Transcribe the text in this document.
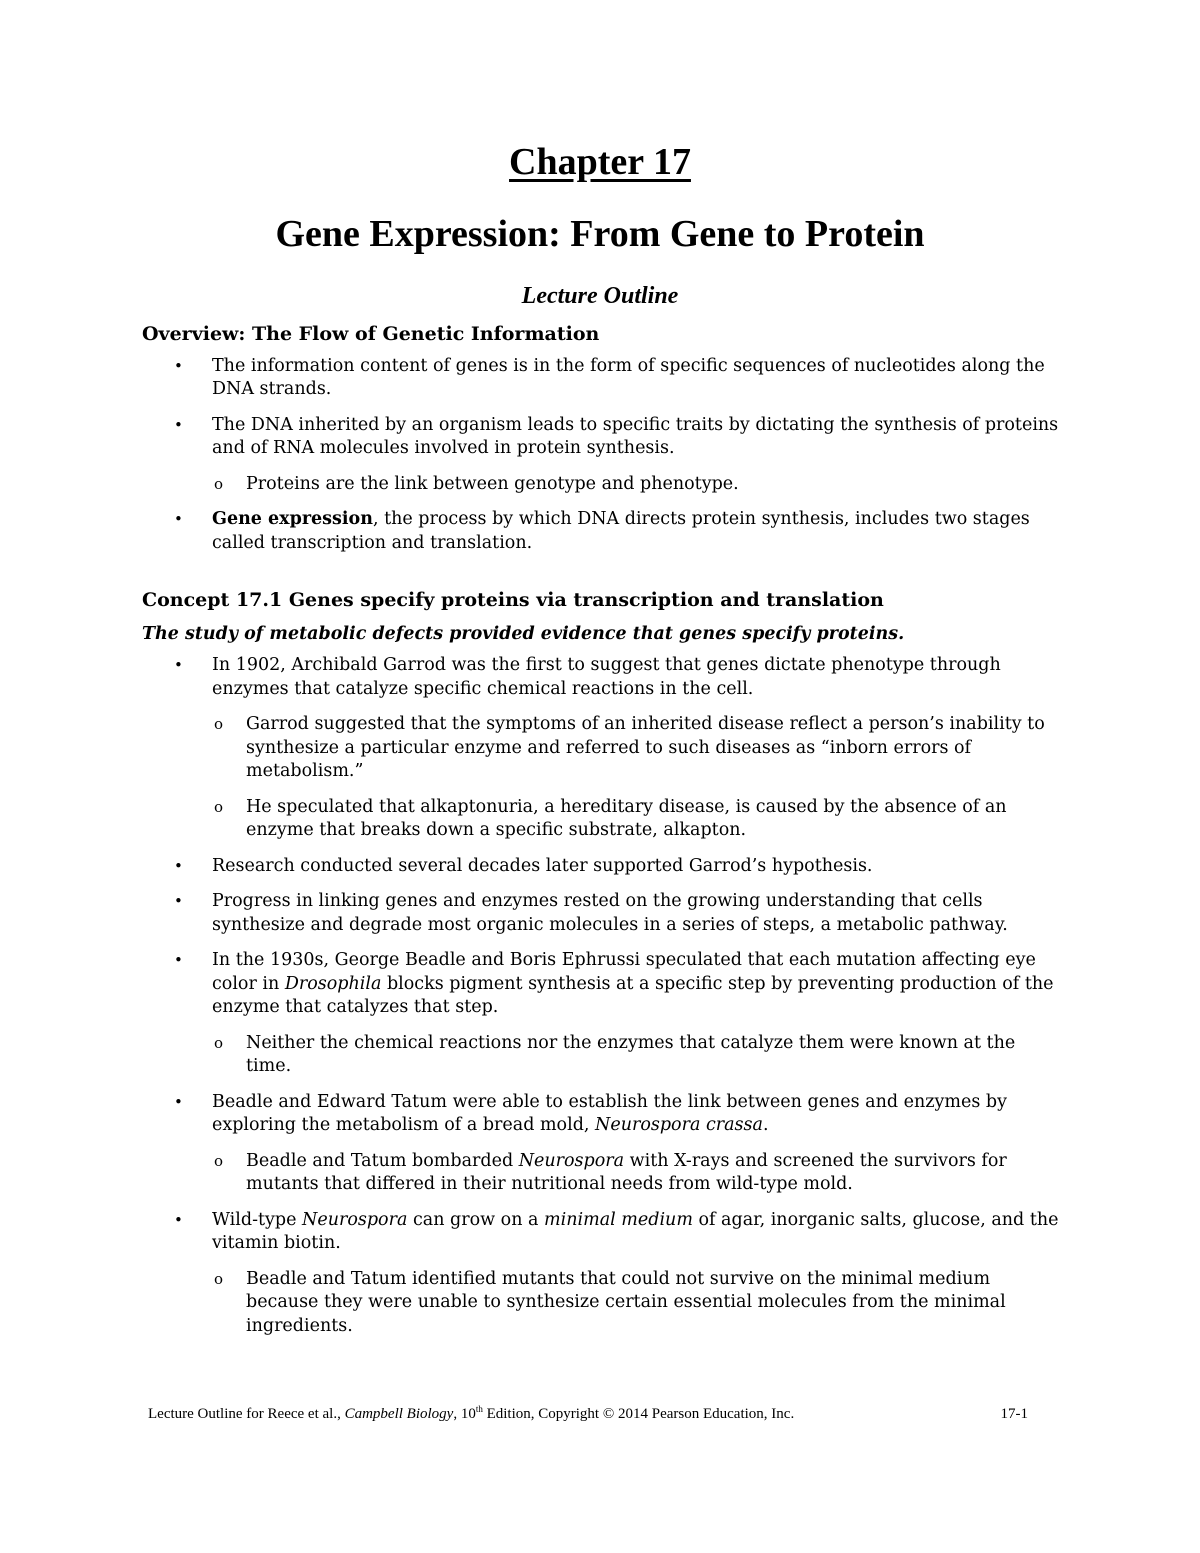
Chapter 17
Gene Expression: From Gene to Protein
Lecture Outline
Overview: The Flow of Genetic Information
• The information content of genes is in the form of specific sequences of nucleotides along the DNA strands.
• The DNA inherited by an organism leads to specific traits by dictating the synthesis of proteins and of RNA molecules involved in protein synthesis.
o Proteins are the link between genotype and phenotype.
• Gene expression, the process by which DNA directs protein synthesis, includes two stages called transcription and translation.
Concept 17.1 Genes specify proteins via transcription and translation
The study of metabolic defects provided evidence that genes specify proteins.
• In 1902, Archibald Garrod was the first to suggest that genes dictate phenotype through enzymes that catalyze specific chemical reactions in the cell.
o Garrod suggested that the symptoms of an inherited disease reflect a person’s inability to synthesize a particular enzyme and referred to such diseases as “inborn errors of metabolism.”
o He speculated that alkaptonuria, a hereditary disease, is caused by the absence of an enzyme that breaks down a specific substrate, alkapton.
• Research conducted several decades later supported Garrod’s hypothesis.
• Progress in linking genes and enzymes rested on the growing understanding that cells synthesize and degrade most organic molecules in a series of steps, a metabolic pathway.
• In the 1930s, George Beadle and Boris Ephrussi speculated that each mutation affecting eye color in Drosophila blocks pigment synthesis at a specific step by preventing production of the enzyme that catalyzes that step.
o Neither the chemical reactions nor the enzymes that catalyze them were known at the time.
• Beadle and Edward Tatum were able to establish the link between genes and enzymes by exploring the metabolism of a bread mold, Neurospora crassa.
o Beadle and Tatum bombarded Neurospora with X-rays and screened the survivors for mutants that differed in their nutritional needs from wild-type mold.
• Wild-type Neurospora can grow on a minimal medium of agar, inorganic salts, glucose, and the vitamin biotin.
o Beadle and Tatum identified mutants that could not survive on the minimal medium because they were unable to synthesize certain essential molecules from the minimal ingredients.
Lecture Outline for Reece et al., Campbell Biology, 10th Edition, Copyright © 2014 Pearson Education, Inc.	17-1
